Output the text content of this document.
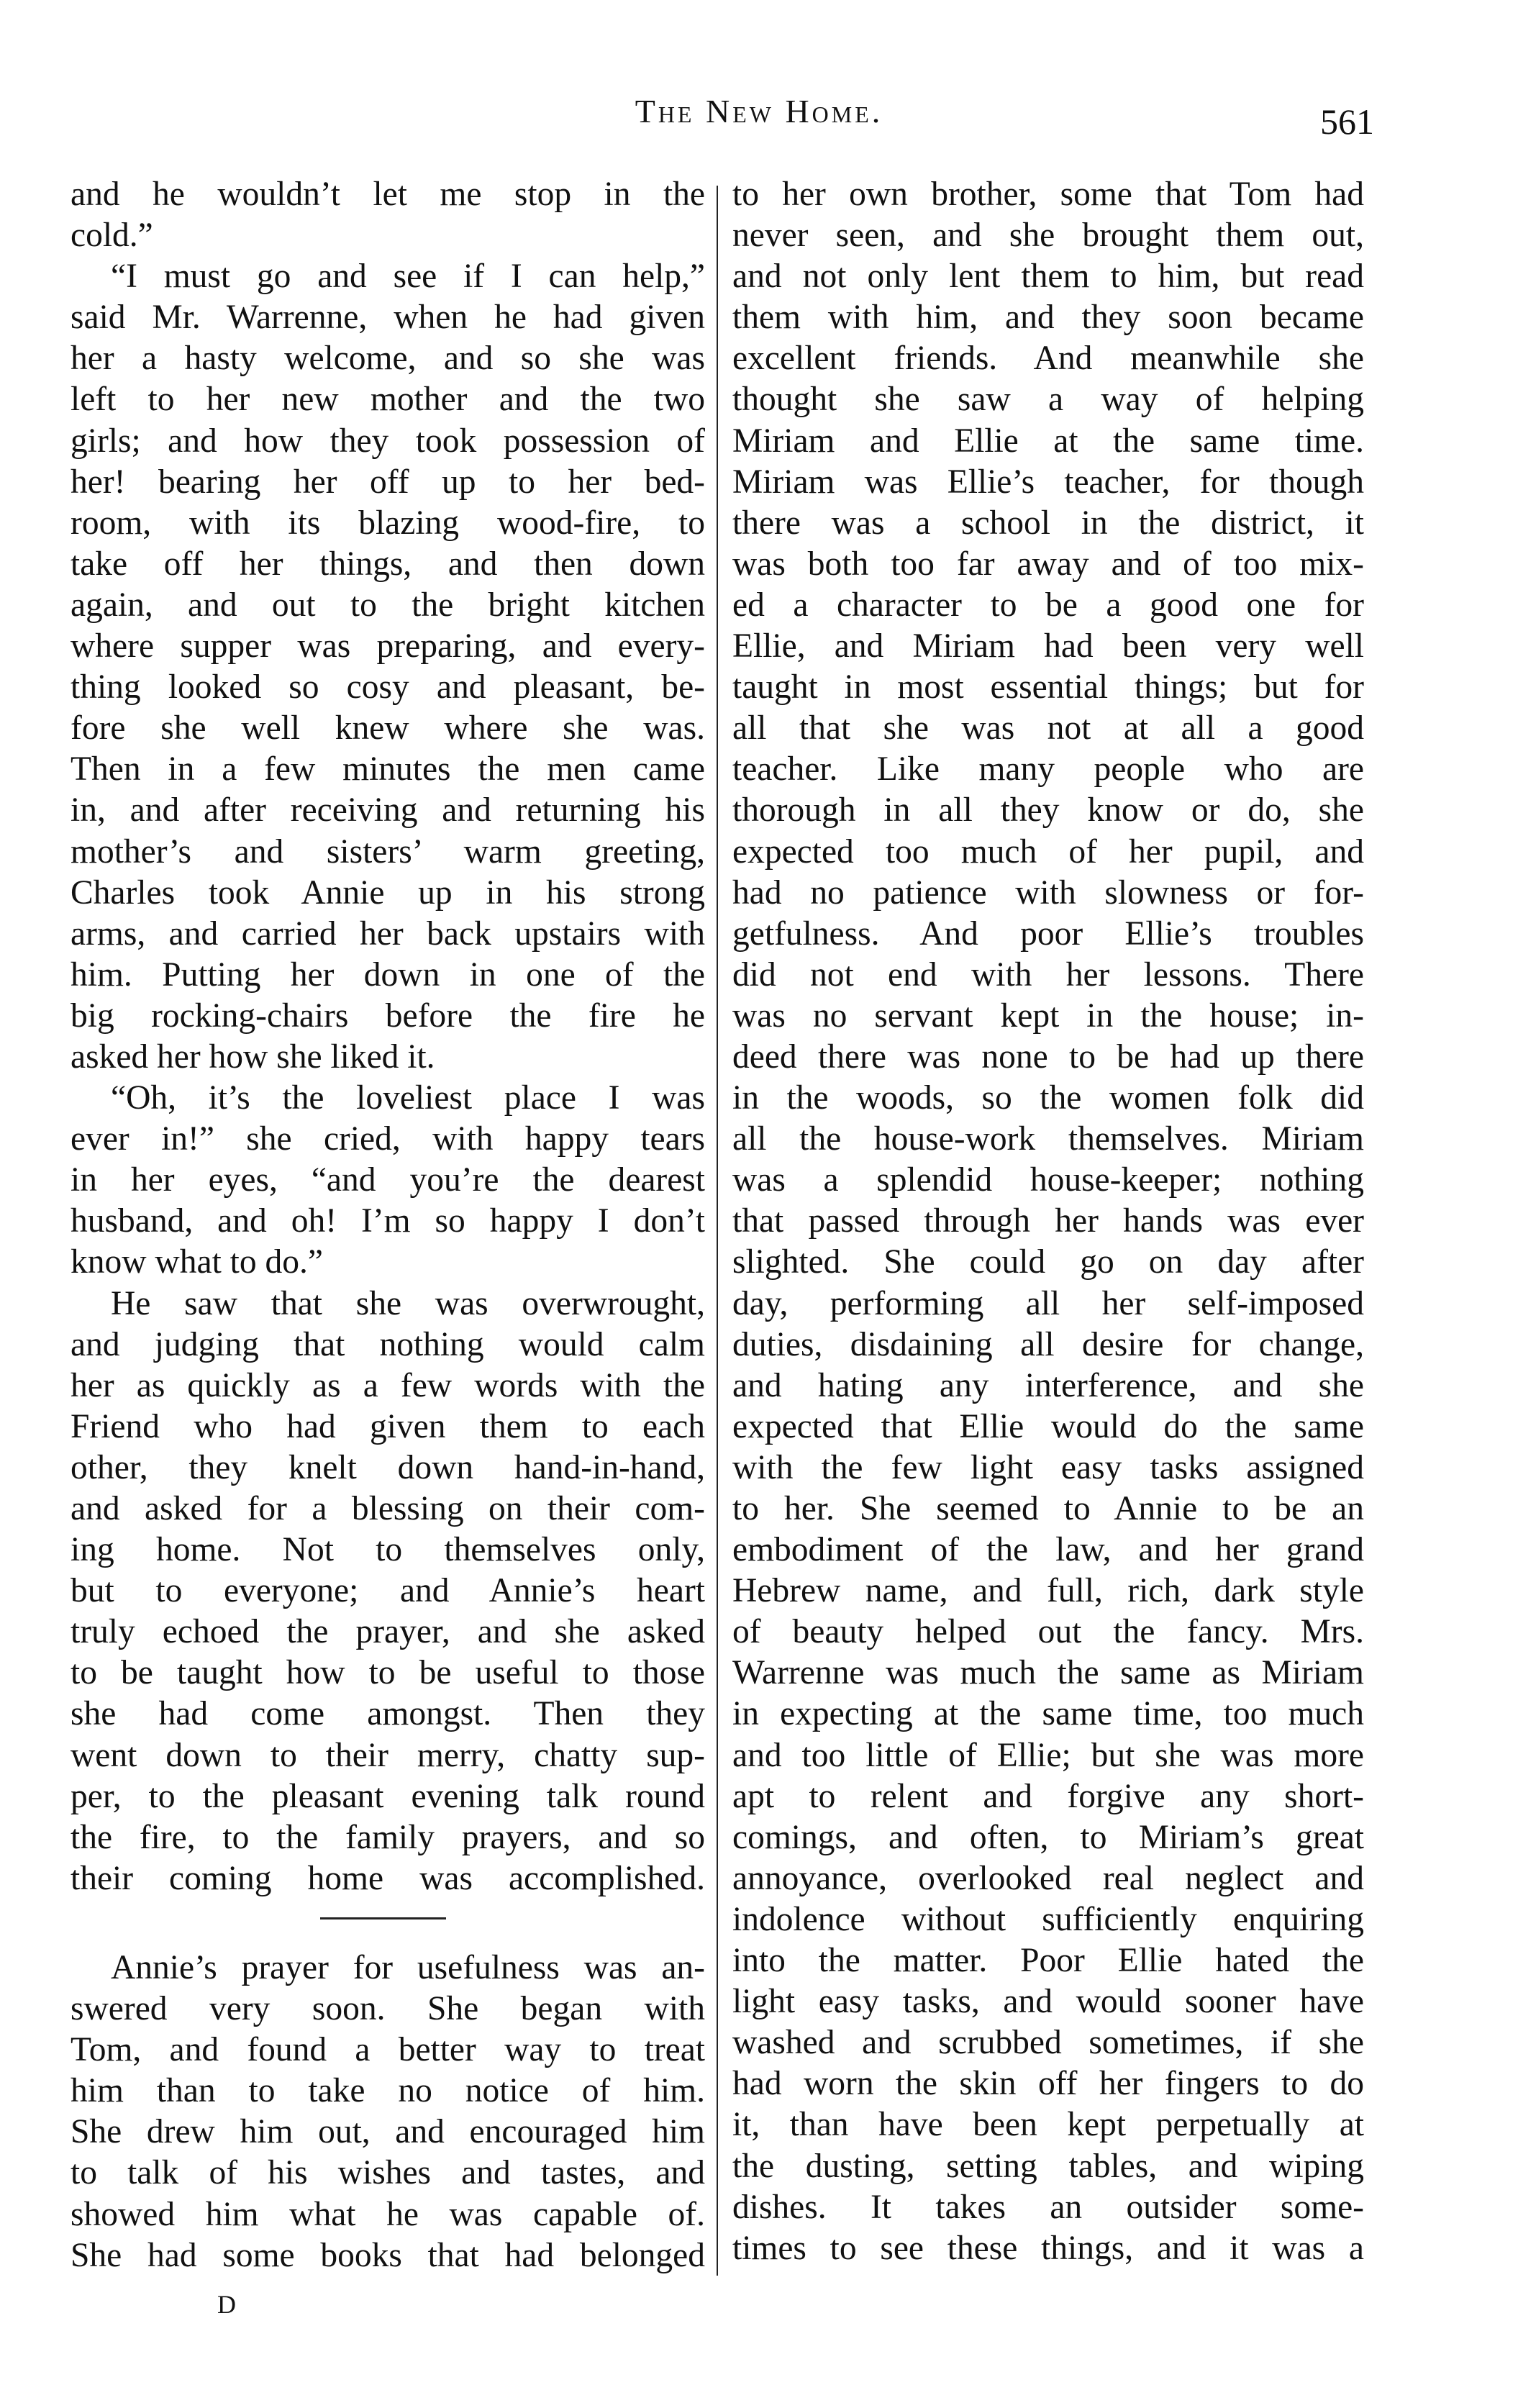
The New Home.	561
and he wouldn’t let me stop in the
cold.”
“I must go and see if I can help,”
said Mr. Warrenne, when he had given
her a hasty welcome, and so she was
left to her new mother and the two
girls; and how they took possession of
her! bearing her off up to her bed-
room, with its blazing wood-fire, to
take off her things, and then down
again, and out to the bright kitchen
where supper was preparing, and every-
thing looked so cosy and pleasant, be-
fore she well knew where she was.
Then in a few minutes the men came
in, and after receiving and returning his
mother’s and sisters’ warm greeting,
Charles took Annie up in his strong
arms, and carried her back upstairs with
him. Putting her down in one of the
big rocking-chairs before the fire he
asked her how she liked it.
“Oh, it’s the loveliest place I was
ever in!” she cried, with happy tears
in her eyes, “and you’re the dearest
husband, and oh! I’m so happy I don’t
know what to do.”
He saw that she was overwrought,
and judging that nothing would calm
her as quickly as a few words with the
Friend who had given them to each
other, they knelt down hand-in-hand,
and asked for a blessing on their com-
ing home. Not to themselves only,
but to everyone; and Annie’s heart
truly echoed the prayer, and she asked
to be taught how to be useful to those
she had come amongst. Then they
went down to their merry, chatty sup-
per, to the pleasant evening talk round
the fire, to the family prayers, and so
their coming home was accomplished.
Annie’s prayer for usefulness was an-
swered very soon. She began with
Tom, and found a better way to treat
him than to take no notice of him.
She drew him out, and encouraged him
to talk of his wishes and tastes, and
showed him what he was capable of.
She had some books that had belonged
to her own brother, some that Tom had
never seen, and she brought them out,
and not only lent them to him, but read
them with him, and they soon became
excellent friends. And meanwhile she
thought she saw a way of helping
Miriam and Ellie at the same time.
Miriam was Ellie’s teacher, for though
there was a school in the district, it
was both too far away and of too mix-
ed a character to be a good one for
Ellie, and Miriam had been very well
taught in most essential things; but for
all that she was not at all a good
teacher. Like many people who are
thorough in all they know or do, she
expected too much of her pupil, and
had no patience with slowness or for-
getfulness. And poor Ellie’s troubles
did not end with her lessons. There
was no servant kept in the house; in-
deed there was none to be had up there
in the woods, so the women folk did
all the house-work themselves. Miriam
was a splendid house-keeper; nothing
that passed through her hands was ever
slighted. She could go on day after
day, performing all her self-imposed
duties, disdaining all desire for change,
and hating any interference, and she
expected that Ellie would do the same
with the few light easy tasks assigned
to her. She seemed to Annie to be an
embodiment of the law, and her grand
Hebrew name, and full, rich, dark style
of beauty helped out the fancy. Mrs.
Warrenne was much the same as Miriam
in expecting at the same time, too much
and too little of Ellie; but she was more
apt to relent and forgive any short-
comings, and often, to Miriam’s great
annoyance, overlooked real neglect and
indolence without sufficiently enquiring
into the matter. Poor Ellie hated the
light easy tasks, and would sooner have
washed and scrubbed sometimes, if she
had worn the skin off her fingers to do
it, than have been kept perpetually at
the dusting, setting tables, and wiping
dishes. It takes an outsider some-
times to see these things, and it was a
D
